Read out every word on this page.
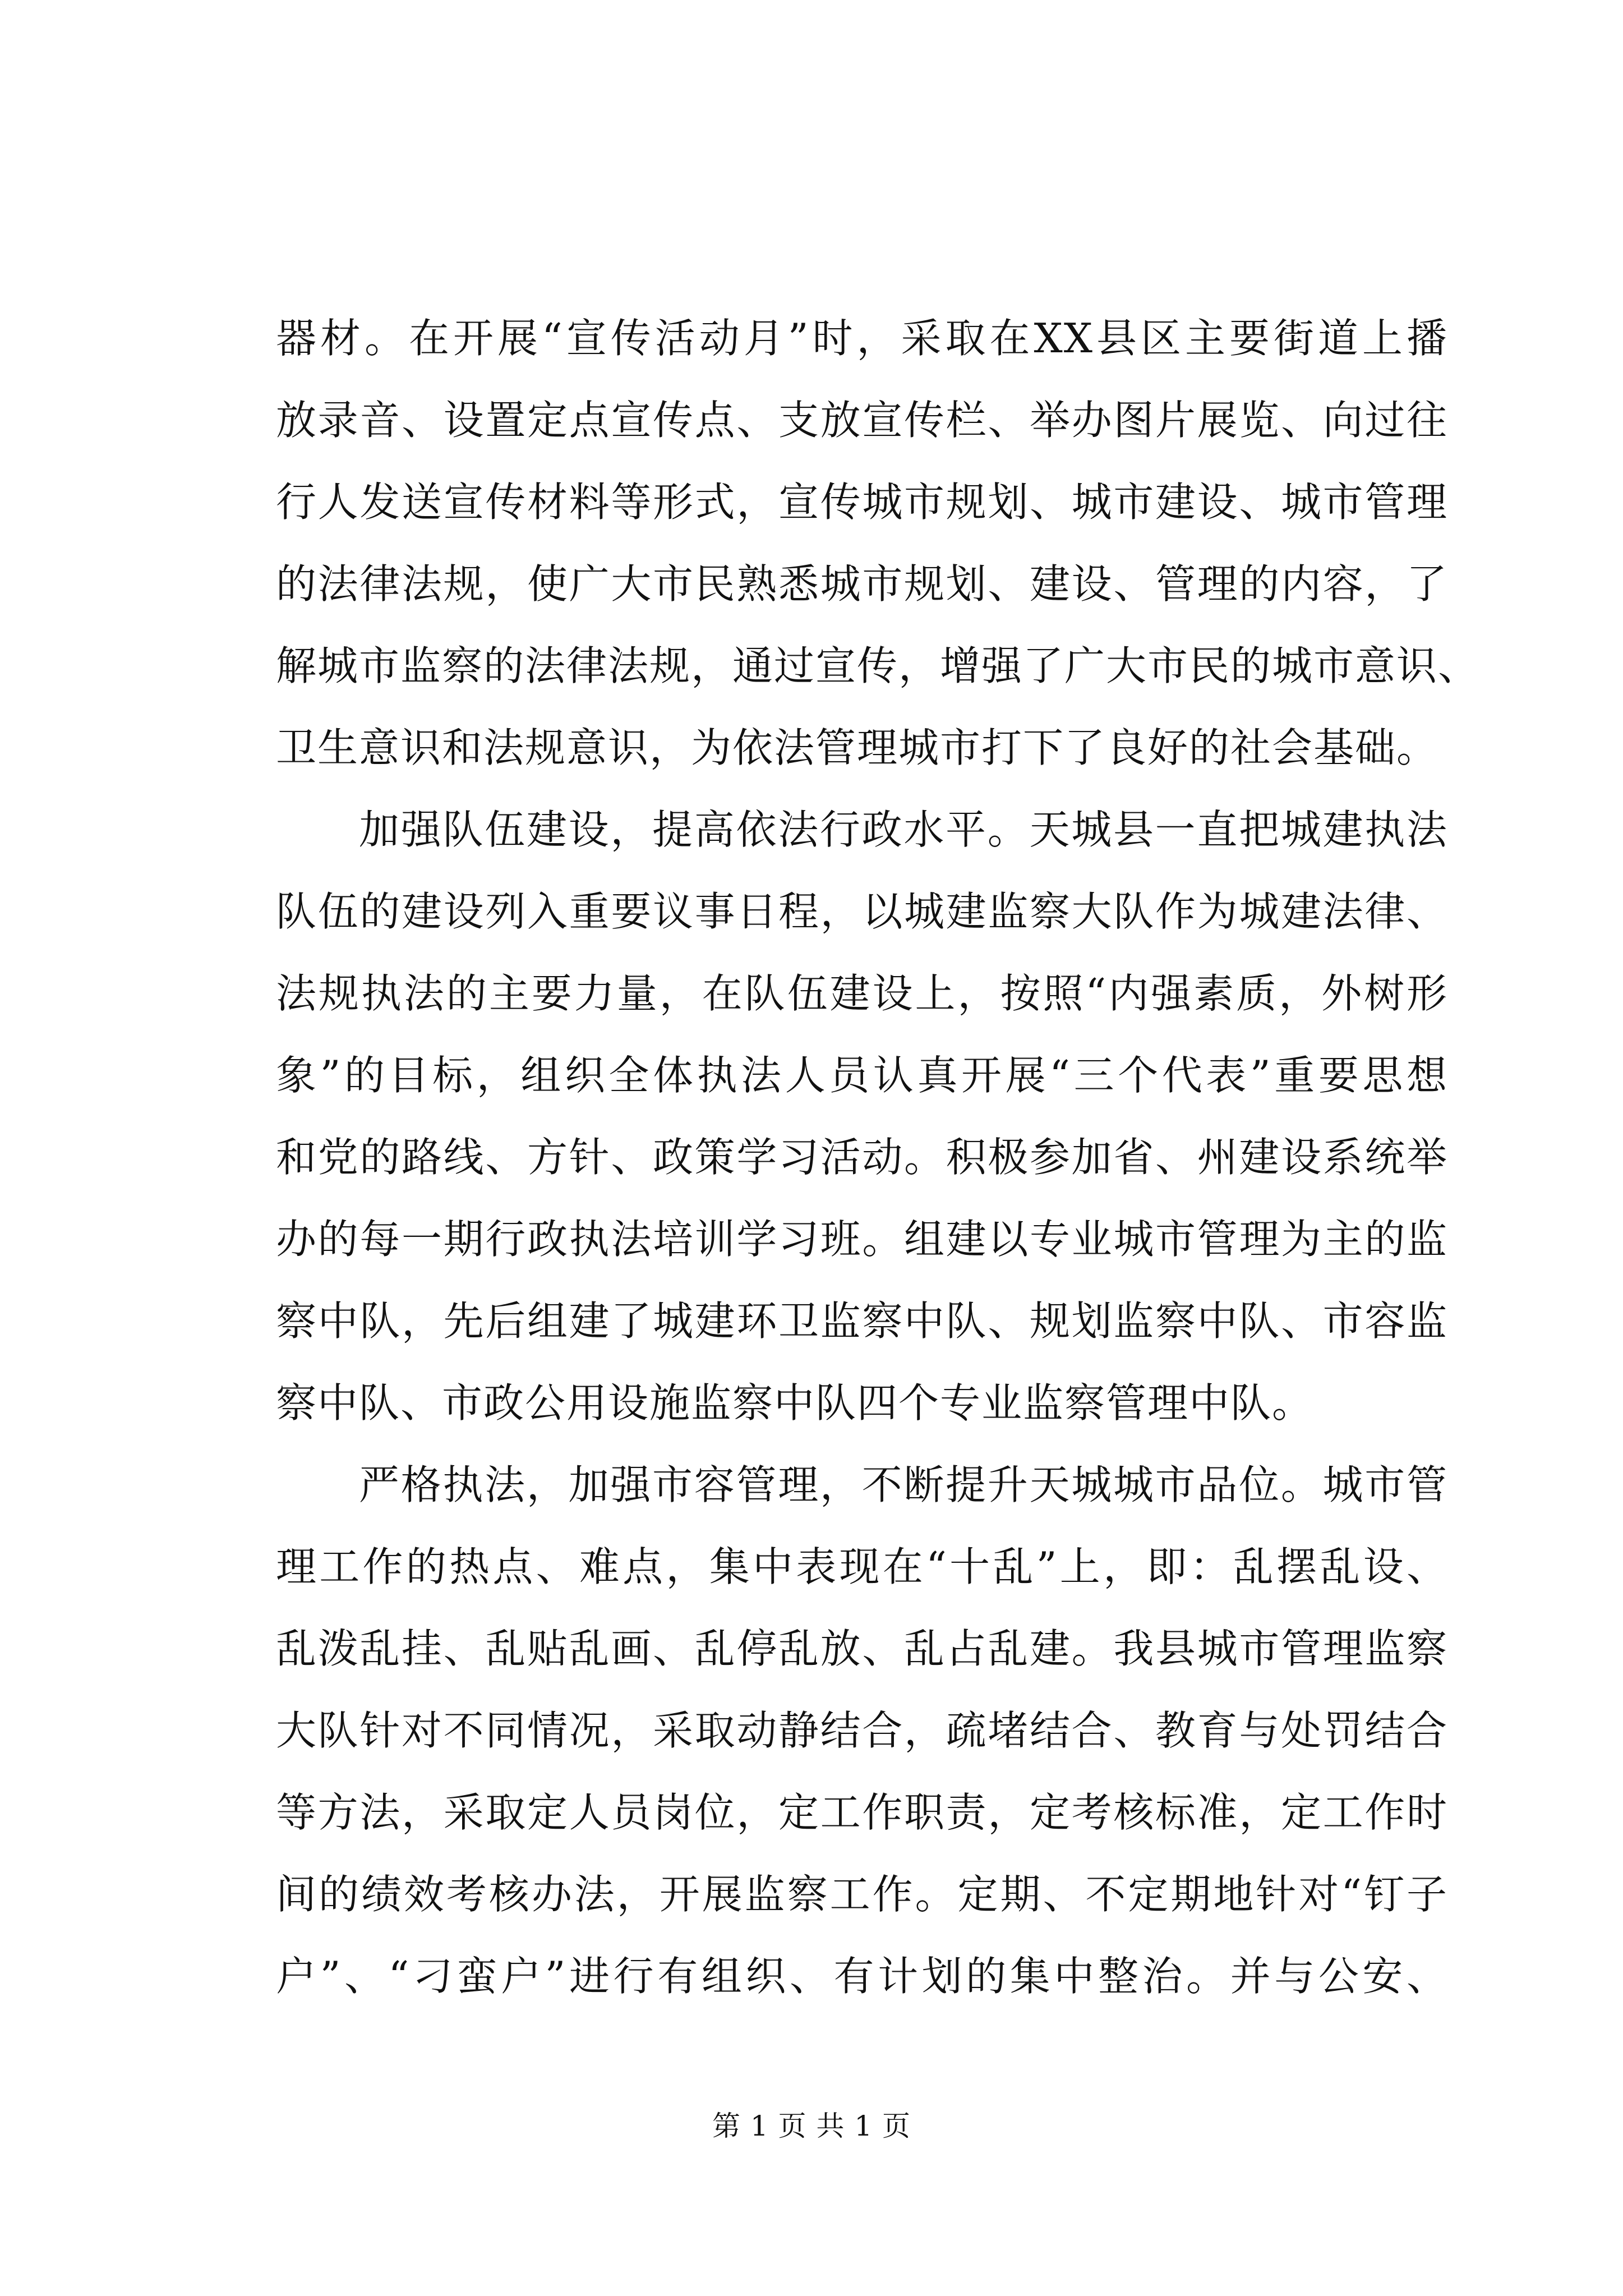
器材。在开展“宣传活动月”时，采取在XX县区主要街道上播
放录音、设置定点宣传点、支放宣传栏、举办图片展览、向过往
行人发送宣传材料等形式，宣传城市规划、城市建设、城市管理
的法律法规，使广大市民熟悉城市规划、建设、管理的内容，了
解城市监察的法律法规，通过宣传，增强了广大市民的城市意识、
卫生意识和法规意识，为依法管理城市打下了良好的社会基础。
加强队伍建设，提高依法行政水平。天城县一直把城建执法
队伍的建设列入重要议事日程，以城建监察大队作为城建法律、
法规执法的主要力量，在队伍建设上，按照“内强素质，外树形
象”的目标，组织全体执法人员认真开展“三个代表”重要思想
和党的路线、方针、政策学习活动。积极参加省、州建设系统举
办的每一期行政执法培训学习班。组建以专业城市管理为主的监
察中队，先后组建了城建环卫监察中队、规划监察中队、市容监
察中队、市政公用设施监察中队四个专业监察管理中队。
严格执法，加强市容管理，不断提升天城城市品位。城市管
理工作的热点、难点，集中表现在“十乱”上，即：乱摆乱设、
乱泼乱挂、乱贴乱画、乱停乱放、乱占乱建。我县城市管理监察
大队针对不同情况，采取动静结合，疏堵结合、教育与处罚结合
等方法，采取定人员岗位，定工作职责，定考核标准，定工作时
间的绩效考核办法，开展监察工作。定期、不定期地针对“钉子
户”、“刁蛮户”进行有组织、有计划的集中整治。并与公安、
第 1 页 共 1 页
